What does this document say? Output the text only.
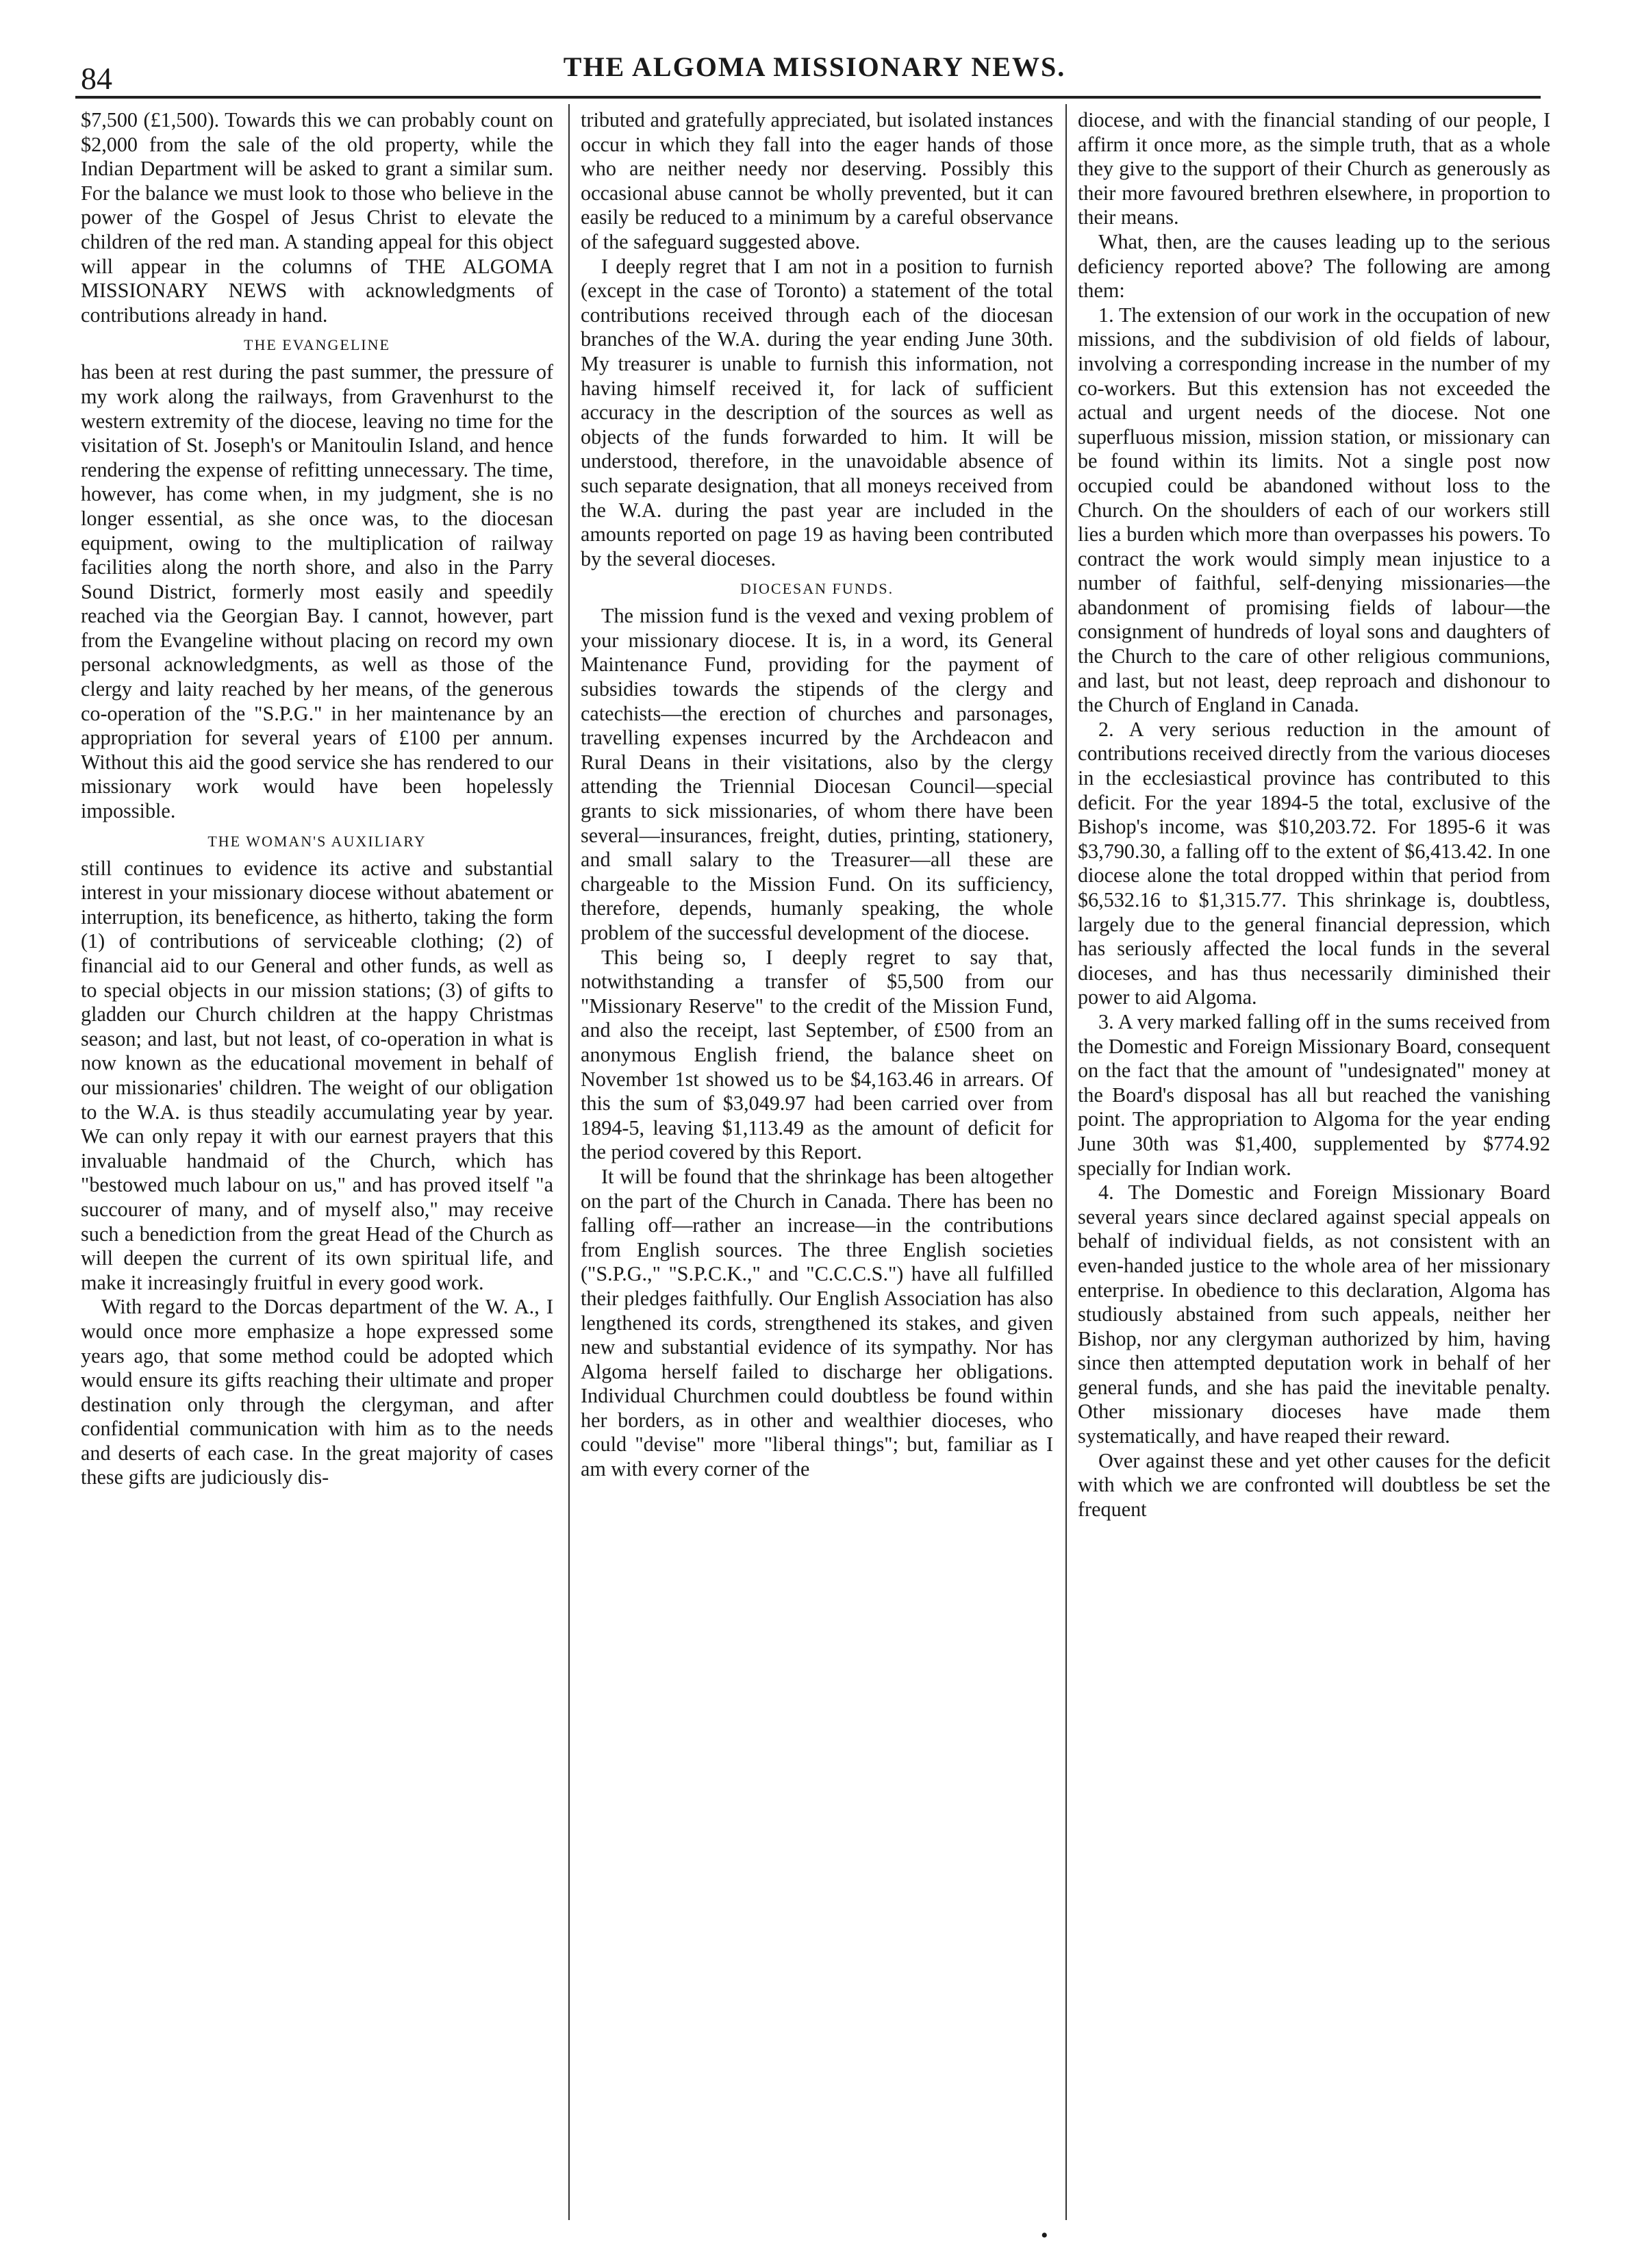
84	THE ALGOMA MISSIONARY NEWS.

$7,500 (£1,500). Towards this we can probably count on $2,000 from the sale of the old property, while the Indian Department will be asked to grant a similar sum. For the balance we must look to those who believe in the power of the Gospel of Jesus Christ to elevate the children of the red man. A standing appeal for this object will appear in the columns of THE ALGOMA MISSIONARY NEWS with acknowledgments of contributions already in hand.

THE EVANGELINE

has been at rest during the past summer, the pressure of my work along the railways, from Gravenhurst to the western extremity of the diocese, leaving no time for the visitation of St. Joseph's or Manitoulin Island, and hence rendering the expense of refitting unnecessary. The time, however, has come when, in my judgment, she is no longer essential, as she once was, to the diocesan equipment, owing to the multiplication of railway facilities along the north shore, and also in the Parry Sound District, formerly most easily and speedily reached via the Georgian Bay. I cannot, however, part from the Evangeline without placing on record my own personal acknowledgments, as well as those of the clergy and laity reached by her means, of the generous co-operation of the "S.P.G." in her maintenance by an appropriation for several years of £100 per annum. Without this aid the good service she has rendered to our missionary work would have been hopelessly impossible.

THE WOMAN'S AUXILIARY

still continues to evidence its active and substantial interest in your missionary diocese without abatement or interruption, its beneficence, as hitherto, taking the form (1) of contributions of serviceable clothing; (2) of financial aid to our General and other funds, as well as to special objects in our mission stations; (3) of gifts to gladden our Church children at the happy Christmas season; and last, but not least, of co-operation in what is now known as the educational movement in behalf of our missionaries' children. The weight of our obligation to the W.A. is thus steadily accumulating year by year. We can only repay it with our earnest prayers that this invaluable handmaid of the Church, which has "bestowed much labour on us," and has proved itself "a succourer of many, and of myself also," may receive such a benediction from the great Head of the Church as will deepen the current of its own spiritual life, and make it increasingly fruitful in every good work.

With regard to the Dorcas department of the W. A., I would once more emphasize a hope expressed some years ago, that some method could be adopted which would ensure its gifts reaching their ultimate and proper destination only through the clergyman, and after confidential communication with him as to the needs and deserts of each case. In the great majority of cases these gifts are judiciously dis-

tributed and gratefully appreciated, but isolated instances occur in which they fall into the eager hands of those who are neither needy nor deserving. Possibly this occasional abuse cannot be wholly prevented, but it can easily be reduced to a minimum by a careful observance of the safeguard suggested above.

I deeply regret that I am not in a position to furnish (except in the case of Toronto) a statement of the total contributions received through each of the diocesan branches of the W.A. during the year ending June 30th. My treasurer is unable to furnish this information, not having himself received it, for lack of sufficient accuracy in the description of the sources as well as objects of the funds forwarded to him. It will be understood, therefore, in the unavoidable absence of such separate designation, that all moneys received from the W.A. during the past year are included in the amounts reported on page 19 as having been contributed by the several dioceses.

DIOCESAN FUNDS.

The mission fund is the vexed and vexing problem of your missionary diocese. It is, in a word, its General Maintenance Fund, providing for the payment of subsidies towards the stipends of the clergy and catechists—the erection of churches and parsonages, travelling expenses incurred by the Archdeacon and Rural Deans in their visitations, also by the clergy attending the Triennial Diocesan Council—special grants to sick missionaries, of whom there have been several—insurances, freight, duties, printing, stationery, and small salary to the Treasurer—all these are chargeable to the Mission Fund. On its sufficiency, therefore, depends, humanly speaking, the whole problem of the successful development of the diocese.

This being so, I deeply regret to say that, notwithstanding a transfer of $5,500 from our "Missionary Reserve" to the credit of the Mission Fund, and also the receipt, last September, of £500 from an anonymous English friend, the balance sheet on November 1st showed us to be $4,163.46 in arrears. Of this the sum of $3,049.97 had been carried over from 1894-5, leaving $1,113.49 as the amount of deficit for the period covered by this Report.

It will be found that the shrinkage has been altogether on the part of the Church in Canada. There has been no falling off—rather an increase—in the contributions from English sources. The three English societies ("S.P.G.," "S.P.C.K.," and "C.C.C.S.") have all fulfilled their pledges faithfully. Our English Association has also lengthened its cords, strengthened its stakes, and given new and substantial evidence of its sympathy. Nor has Algoma herself failed to discharge her obligations. Individual Churchmen could doubtless be found within her borders, as in other and wealthier dioceses, who could "devise" more "liberal things"; but, familiar as I am with every corner of the

diocese, and with the financial standing of our people, I affirm it once more, as the simple truth, that as a whole they give to the support of their Church as generously as their more favoured brethren elsewhere, in proportion to their means.

What, then, are the causes leading up to the serious deficiency reported above? The following are among them:

1. The extension of our work in the occupation of new missions, and the subdivision of old fields of labour, involving a corresponding increase in the number of my co-workers. But this extension has not exceeded the actual and urgent needs of the diocese. Not one superfluous mission, mission station, or missionary can be found within its limits. Not a single post now occupied could be abandoned without loss to the Church. On the shoulders of each of our workers still lies a burden which more than overpasses his powers. To contract the work would simply mean injustice to a number of faithful, self-denying missionaries—the abandonment of promising fields of labour—the consignment of hundreds of loyal sons and daughters of the Church to the care of other religious communions, and last, but not least, deep reproach and dishonour to the Church of England in Canada.

2. A very serious reduction in the amount of contributions received directly from the various dioceses in the ecclesiastical province has contributed to this deficit. For the year 1894-5 the total, exclusive of the Bishop's income, was $10,203.72. For 1895-6 it was $3,790.30, a falling off to the extent of $6,413.42. In one diocese alone the total dropped within that period from $6,532.16 to $1,315.77. This shrinkage is, doubtless, largely due to the general financial depression, which has seriously affected the local funds in the several dioceses, and has thus necessarily diminished their power to aid Algoma.

3. A very marked falling off in the sums received from the Domestic and Foreign Missionary Board, consequent on the fact that the amount of "undesignated" money at the Board's disposal has all but reached the vanishing point. The appropriation to Algoma for the year ending June 30th was $1,400, supplemented by $774.92 specially for Indian work.

4. The Domestic and Foreign Missionary Board several years since declared against special appeals on behalf of individual fields, as not consistent with an even-handed justice to the whole area of her missionary enterprise. In obedience to this declaration, Algoma has studiously abstained from such appeals, neither her Bishop, nor any clergyman authorized by him, having since then attempted deputation work in behalf of her general funds, and she has paid the inevitable penalty. Other missionary dioceses have made them systematically, and have reaped their reward.

Over against these and yet other causes for the deficit with which we are confronted will doubtless be set the frequent

•
